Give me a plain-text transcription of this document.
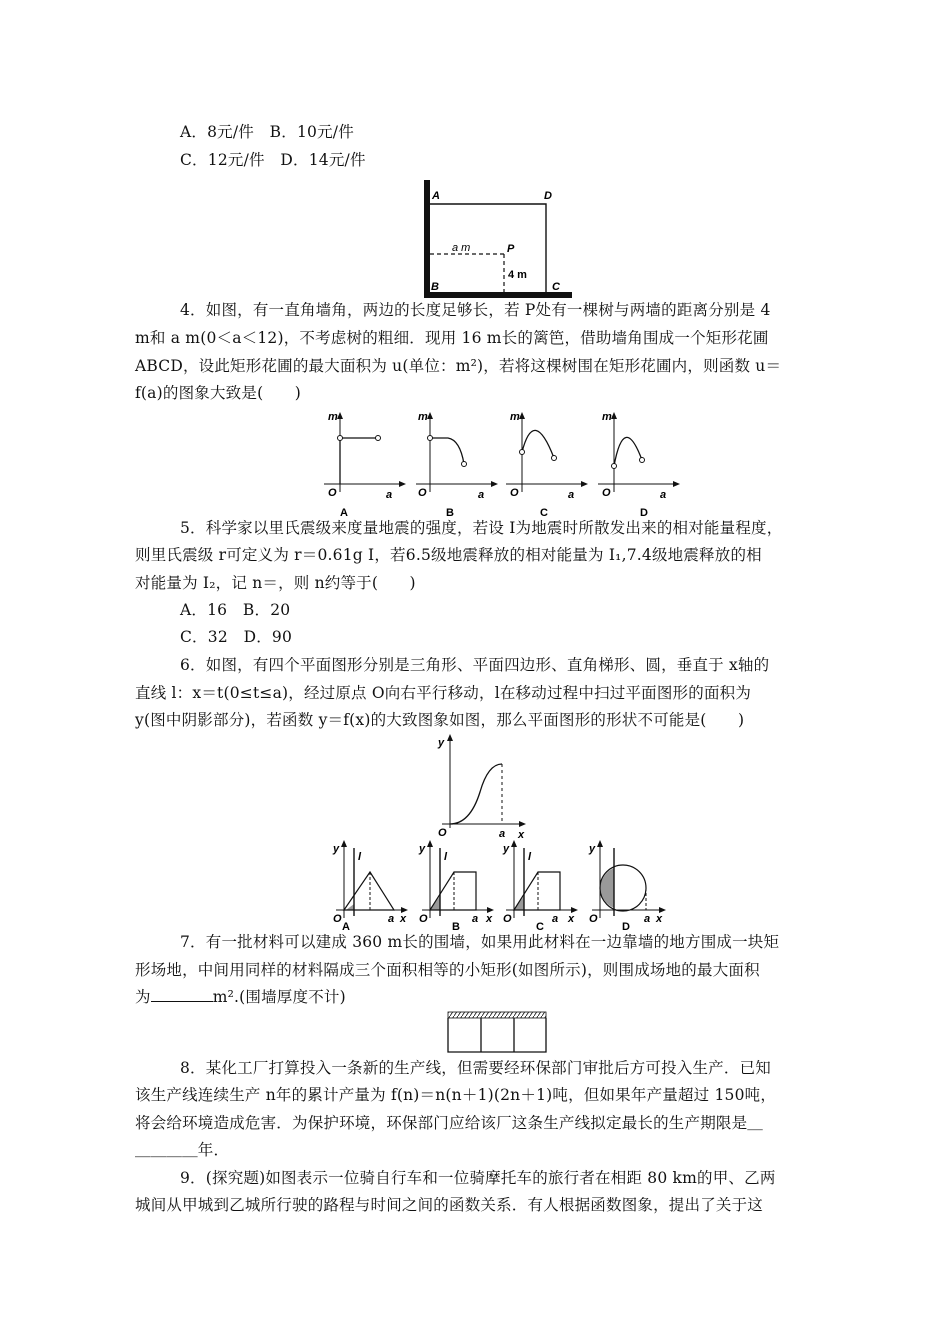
A．8元/件　B．10元/件
C．12元/件　D．14元/件
A	D
B	C
P
a m
4 m
4．如图，有一直角墙角，两边的长度足够长，若 P处有一棵树与两墙的距离分别是 4
m和 a m(0＜a＜12)，不考虑树的粗细．现用 16 m长的篱笆，借助墙角围成一个矩形花圃
ABCD，设此矩形花圃的最大面积为 u(单位：m²)，若将这棵树围在矩形花圃内，则函数 u＝
f(a)的图象大致是(　　)
m
O	a
A
m
O	a
B
m
O	a
C
m
O	a
D
5．科学家以里氏震级来度量地震的强度，若设 I为地震时所散发出来的相对能量程度，
则里氏震级 r可定义为 r＝0.61g I，若6.5级地震释放的相对能量为 I₁,7.4级地震释放的相
对能量为 I₂，记 n＝，则 n约等于(　　)
A．16　B．20
C．32　D．90
6．如图，有四个平面图形分别是三角形、平面四边形、直角梯形、圆，垂直于 x轴的
直线 l：x＝t(0≤t≤a)，经过原点 O向右平行移动，l在移动过程中扫过平面图形的面积为
y(图中阴影部分)，若函数 y＝f(x)的大致图象如图，那么平面图形的形状不可能是(　　)
y
O	a x
y
l
O	a x
A
y
l
O	a x
B
y
l
O	a x
C
y
O	a x
D
7．有一批材料可以建成 360 m长的围墙，如果用此材料在一边靠墙的地方围成一块矩
形场地，中间用同样的材料隔成三个面积相等的小矩形(如图所示)，则围成场地的最大面积
为	m².(围墙厚度不计)
8．某化工厂打算投入一条新的生产线，但需要经环保部门审批后方可投入生产．已知
该生产线连续生产 n年的累计产量为 f(n)＝n(n＋1)(2n＋1)吨，但如果年产量超过 150吨，
将会给环境造成危害．为保护环境，环保部门应给该厂这条生产线拟定最长的生产期限是＿
＿＿＿＿年．
9．(探究题)如图表示一位骑自行车和一位骑摩托车的旅行者在相距 80 km的甲、乙两
城间从甲城到乙城所行驶的路程与时间之间的函数关系．有人根据函数图象，提出了关于这
